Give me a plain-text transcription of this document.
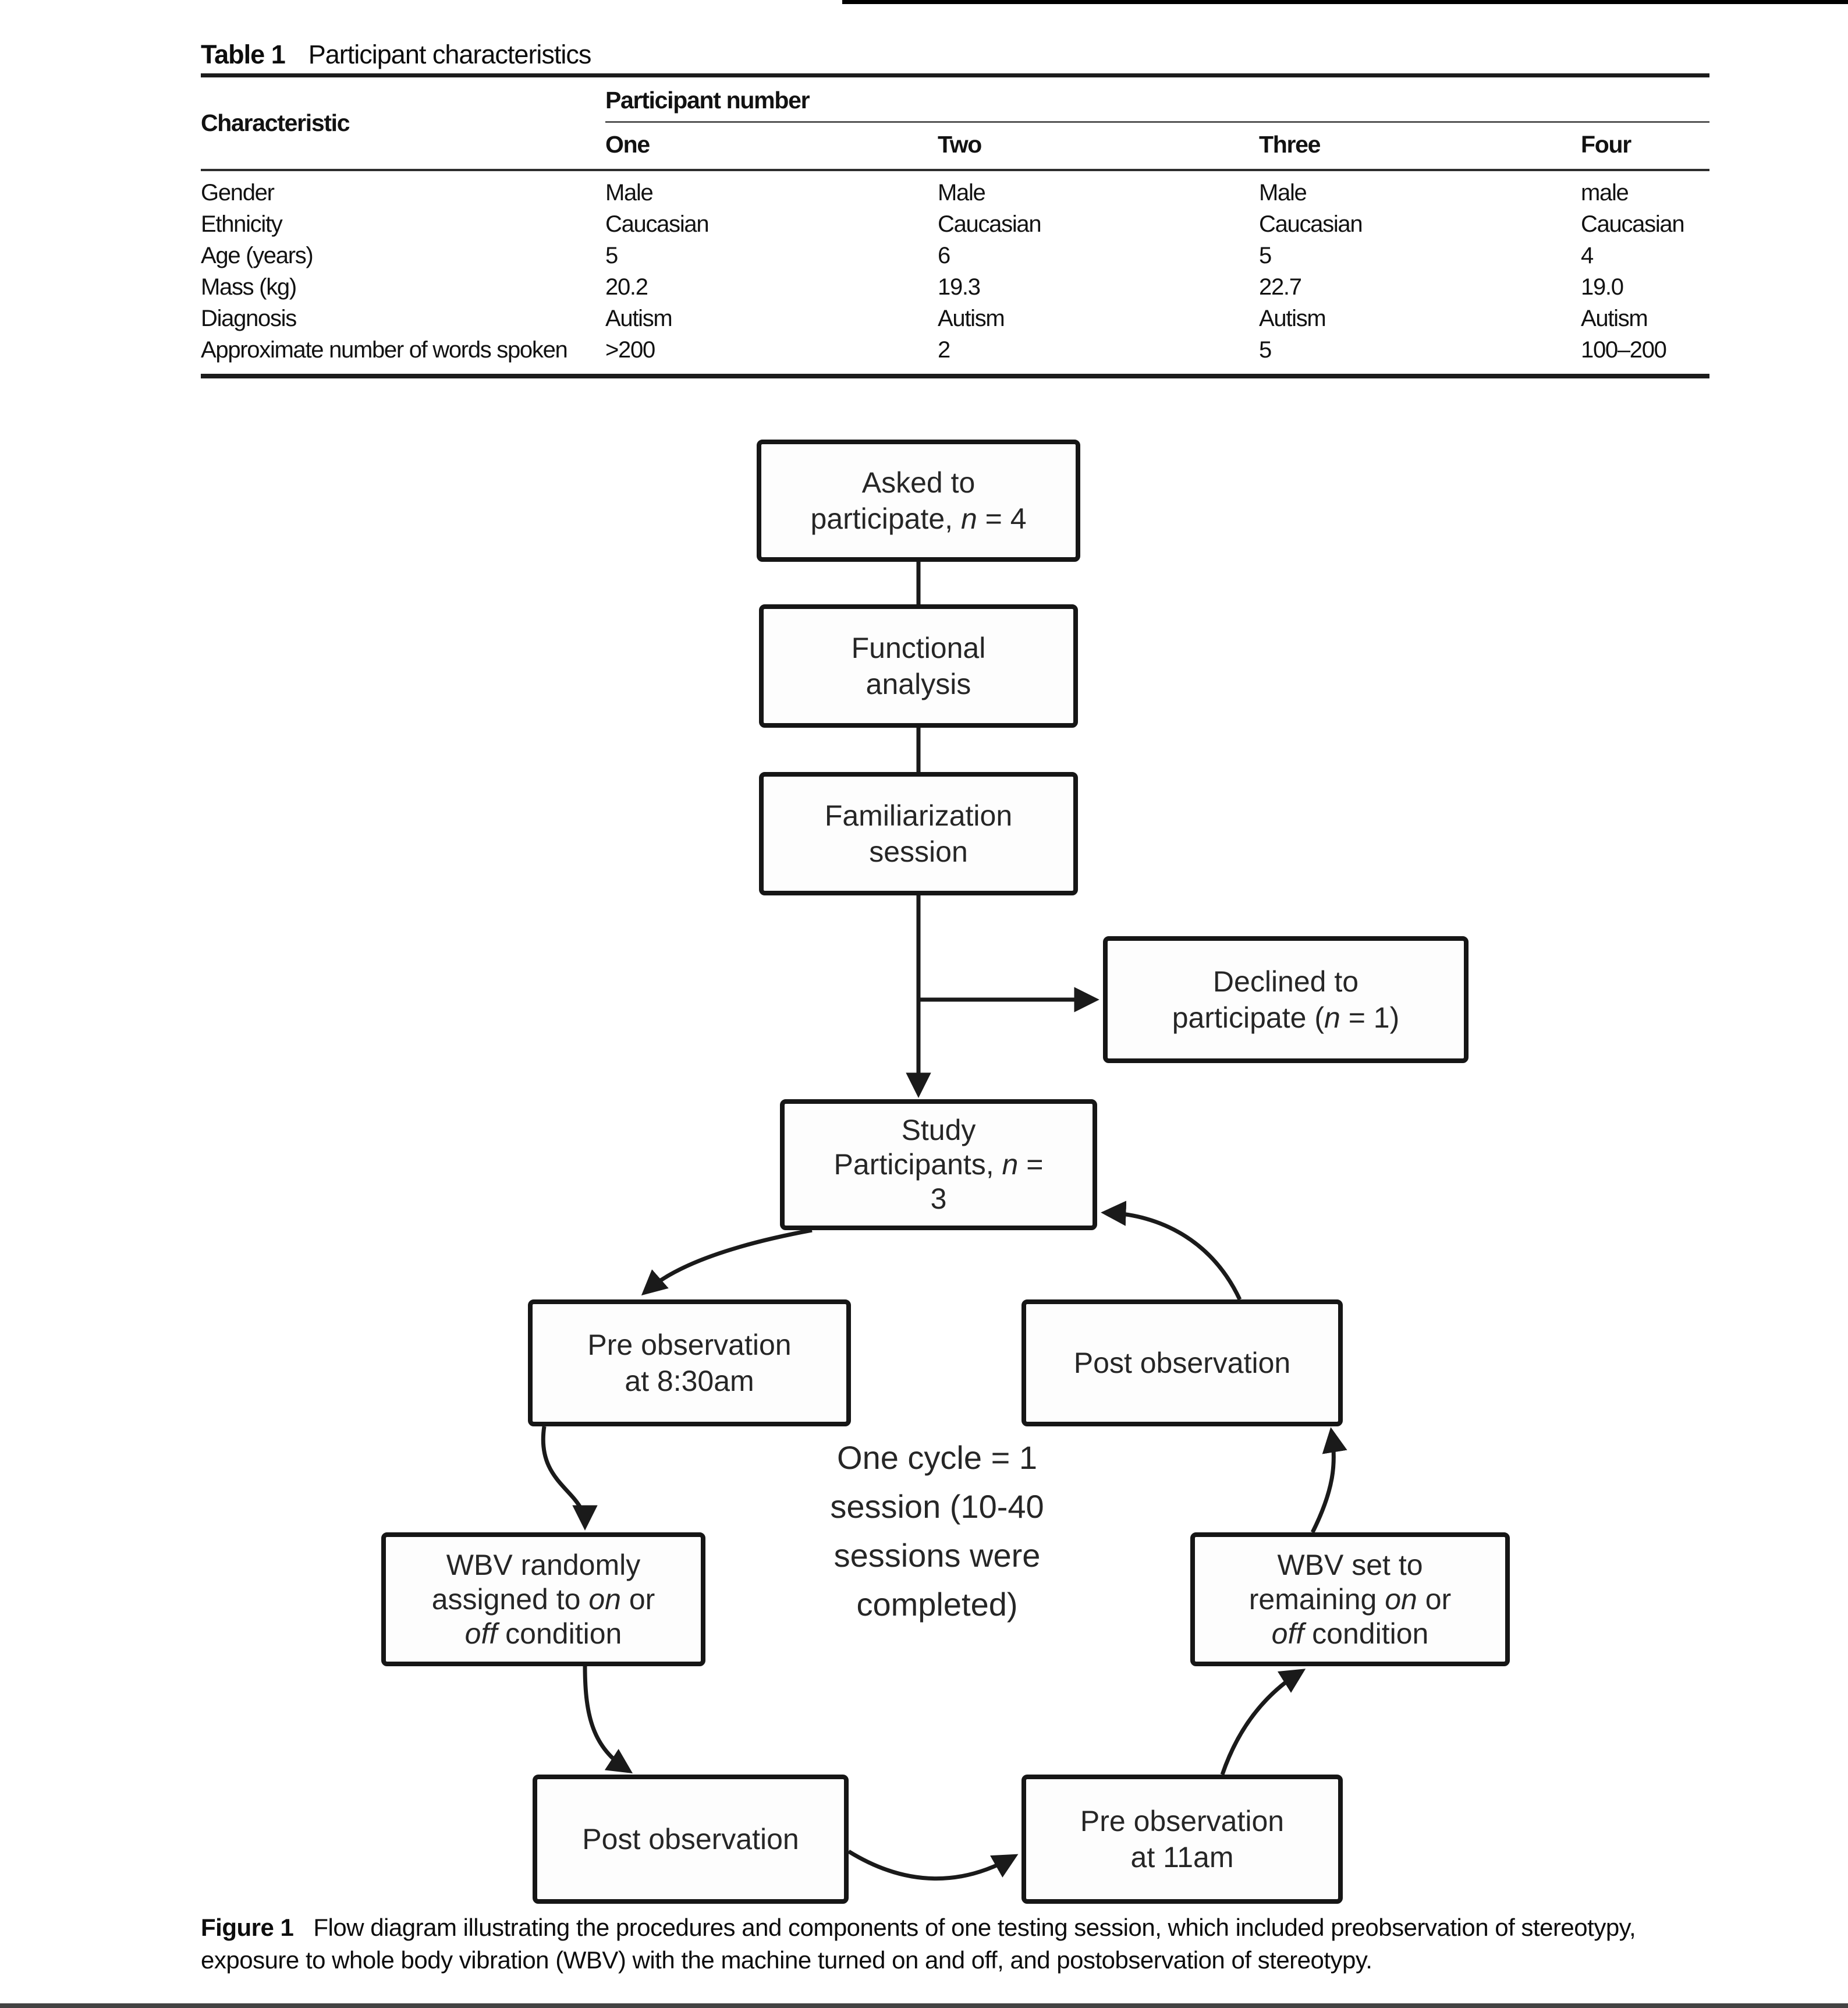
Table 1 Participant characteristics
Characteristic
Participant number
One	Two	Three	Four
Gender	Male	Male	Male	male
Ethnicity	Caucasian	Caucasian	Caucasian	Caucasian
Age (years)	5	6	5	4
Mass (kg)	20.2	19.3	22.7	19.0
Diagnosis	Autism	Autism	Autism	Autism
Approximate number of words spoken	>200	2	5	100–200
Asked to
participate, n = 4
Functional
analysis
Familiarization
session
Declined to
participate (n = 1)
Study
Participants, n =
3
Pre observation
at 8:30am
Post observation
WBV randomly
assigned to on or
off condition
WBV set to
remaining on or
off condition
Post observation
Pre observation
at 11am
One cycle = 1
session (10-40
sessions were
completed)
Figure 1 Flow diagram illustrating the procedures and components of one testing session, which included preobservation of stereotypy, exposure to whole body vibration (WBV) with the machine turned on and off, and postobservation of stereotypy.
